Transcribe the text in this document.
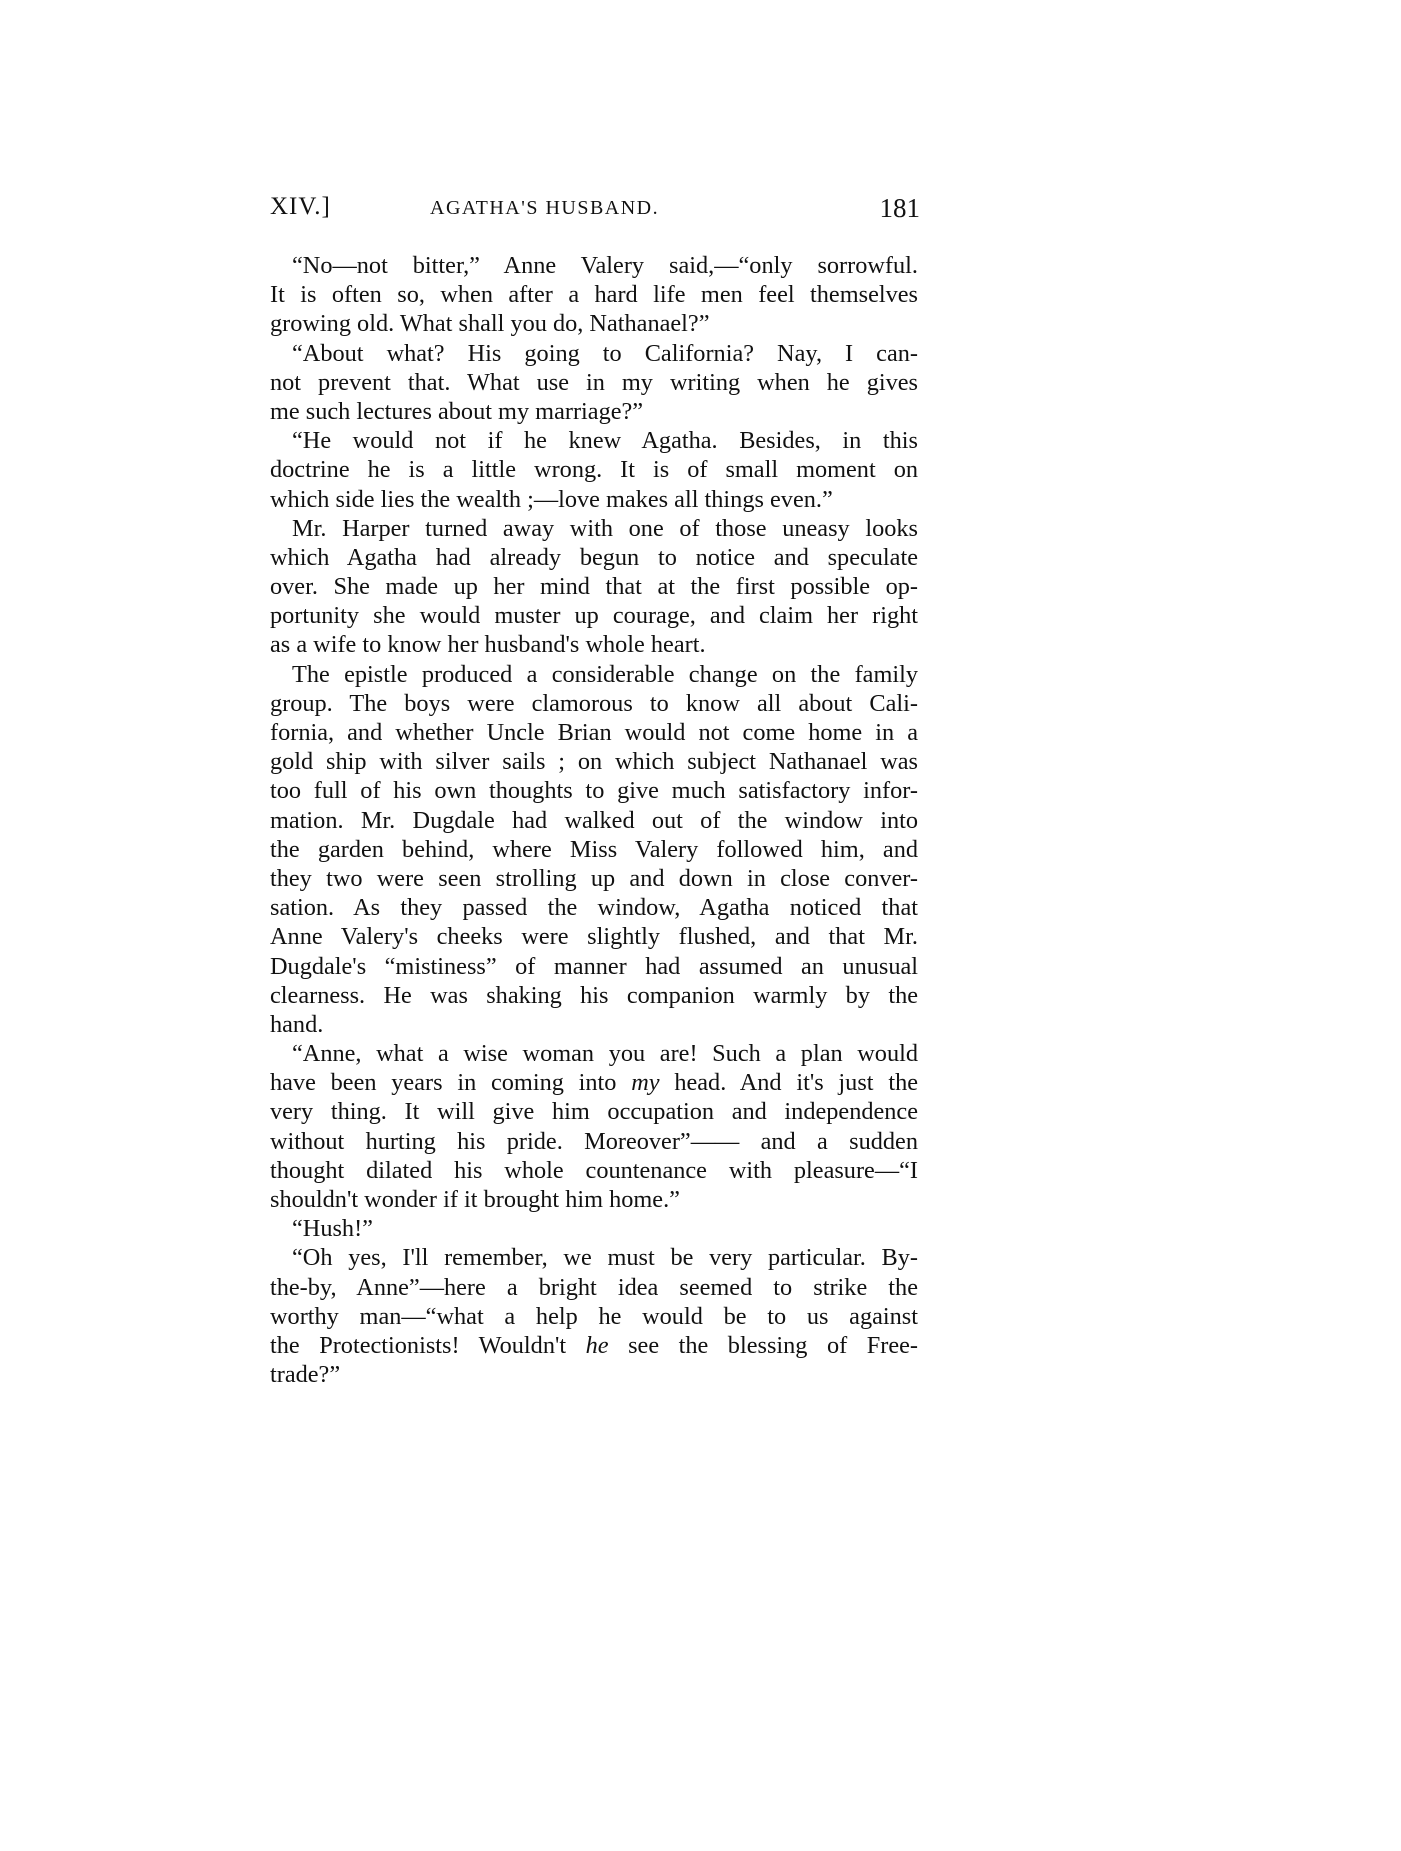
XIV.]	AGATHA'S HUSBAND.	181
“No—not bitter,” Anne Valery said,—“only sorrowful.
It is often so, when after a hard life men feel themselves
growing old. What shall you do, Nathanael?”
“About what? His going to California? Nay, I can-
not prevent that. What use in my writing when he gives
me such lectures about my marriage?”
“He would not if he knew Agatha. Besides, in this
doctrine he is a little wrong. It is of small moment on
which side lies the wealth ;—love makes all things even.”
Mr. Harper turned away with one of those uneasy looks
which Agatha had already begun to notice and speculate
over. She made up her mind that at the first possible op-
portunity she would muster up courage, and claim her right
as a wife to know her husband's whole heart.
The epistle produced a considerable change on the family
group. The boys were clamorous to know all about Cali-
fornia, and whether Uncle Brian would not come home in a
gold ship with silver sails ; on which subject Nathanael was
too full of his own thoughts to give much satisfactory infor-
mation. Mr. Dugdale had walked out of the window into
the garden behind, where Miss Valery followed him, and
they two were seen strolling up and down in close conver-
sation. As they passed the window, Agatha noticed that
Anne Valery's cheeks were slightly flushed, and that Mr.
Dugdale's “mistiness” of manner had assumed an unusual
clearness. He was shaking his companion warmly by the
hand.
“Anne, what a wise woman you are! Such a plan would
have been years in coming into my head. And it's just the
very thing. It will give him occupation and independence
without hurting his pride. Moreover”—— and a sudden
thought dilated his whole countenance with pleasure—“I
shouldn't wonder if it brought him home.”
“Hush!”
“Oh yes, I'll remember, we must be very particular. By-
the-by, Anne”—here a bright idea seemed to strike the
worthy man—“what a help he would be to us against
the Protectionists! Wouldn't he see the blessing of Free-
trade?”
